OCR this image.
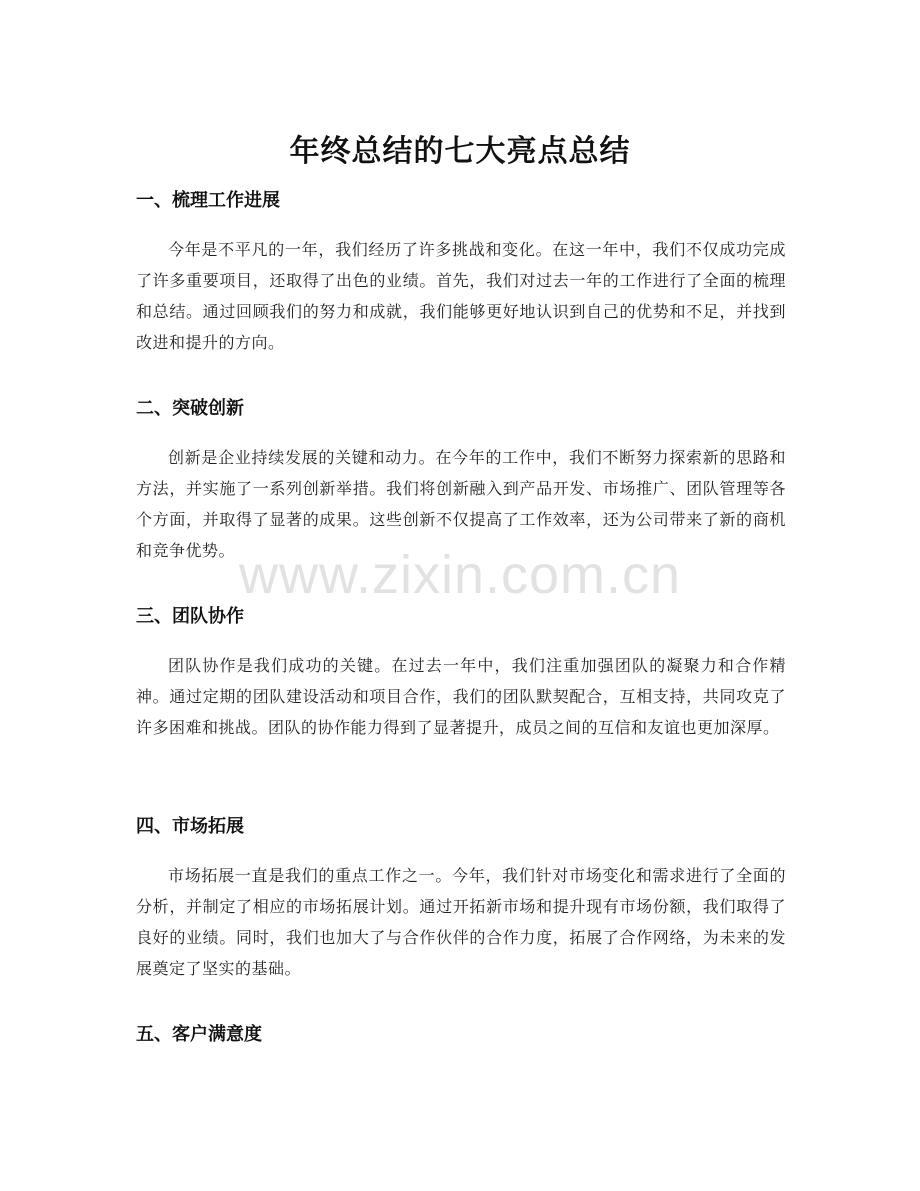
年终总结的七大亮点总结
一、梳理工作进展

今年是不平凡的一年，我们经历了许多挑战和变化。在这一年中，我们不仅成功完成了许多重要项目，还取得了出色的业绩。首先，我们对过去一年的工作进行了全面的梳理和总结。通过回顾我们的努力和成就，我们能够更好地认识到自己的优势和不足，并找到改进和提升的方向。

二、突破创新

创新是企业持续发展的关键和动力。在今年的工作中，我们不断努力探索新的思路和方法，并实施了一系列创新举措。我们将创新融入到产品开发、市场推广、团队管理等各个方面，并取得了显著的成果。这些创新不仅提高了工作效率，还为公司带来了新的商机和竞争优势。

三、团队协作

团队协作是我们成功的关键。在过去一年中，我们注重加强团队的凝聚力和合作精神。通过定期的团队建设活动和项目合作，我们的团队默契配合，互相支持，共同攻克了许多困难和挑战。团队的协作能力得到了显著提升，成员之间的互信和友谊也更加深厚。

四、市场拓展

市场拓展一直是我们的重点工作之一。今年，我们针对市场变化和需求进行了全面的分析，并制定了相应的市场拓展计划。通过开拓新市场和提升现有市场份额，我们取得了良好的业绩。同时，我们也加大了与合作伙伴的合作力度，拓展了合作网络，为未来的发展奠定了坚实的基础。

五、客户满意度
www.zixin.com.cn
